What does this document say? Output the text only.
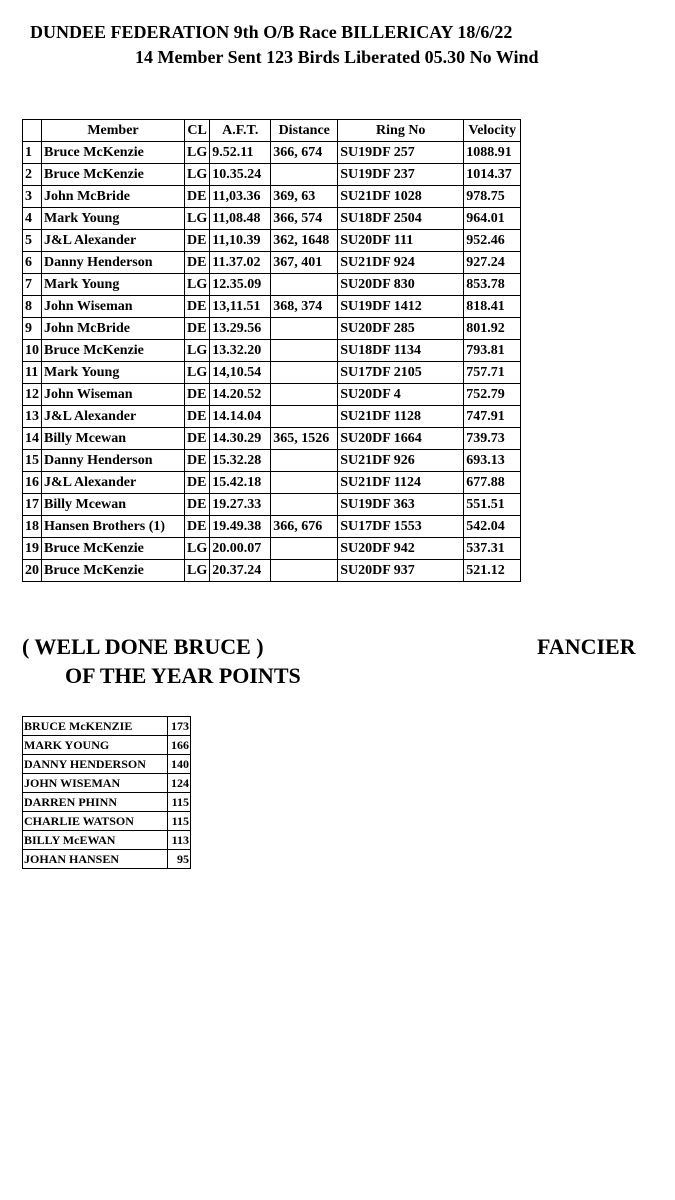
DUNDEE FEDERATION 9th O/B Race BILLERICAY 18/6/22
14 Member Sent 123 Birds Liberated 05.30 No Wind
	Member	CL	A.F.T.	Distance	Ring No	Velocity
1	Bruce McKenzie	LG	9.52.11	366, 674	SU19DF 257	1088.91
2	Bruce McKenzie	LG	10.35.24		SU19DF 237	1014.37
3	John McBride	DE	11,03.36	369, 63	SU21DF 1028	978.75
4	Mark Young	LG	11,08.48	366, 574	SU18DF 2504	964.01
5	J&L Alexander	DE	11,10.39	362, 1648	SU20DF 111	952.46
6	Danny Henderson	DE	11.37.02	367, 401	SU21DF 924	927.24
7	Mark Young	LG	12.35.09		SU20DF 830	853.78
8	John Wiseman	DE	13,11.51	368, 374	SU19DF 1412	818.41
9	John McBride	DE	13.29.56		SU20DF 285	801.92
10	Bruce McKenzie	LG	13.32.20		SU18DF 1134	793.81
11	Mark Young	LG	14,10.54		SU17DF 2105	757.71
12	John Wiseman	DE	14.20.52		SU20DF 4	752.79
13	J&L Alexander	DE	14.14.04		SU21DF 1128	747.91
14	Billy Mcewan	DE	14.30.29	365, 1526	SU20DF 1664	739.73
15	Danny Henderson	DE	15.32.28		SU21DF 926	693.13
16	J&L Alexander	DE	15.42.18		SU21DF 1124	677.88
17	Billy Mcewan	DE	19.27.33		SU19DF 363	551.51
18	Hansen Brothers (1)	DE	19.49.38	366, 676	SU17DF 1553	542.04
19	Bruce McKenzie	LG	20.00.07		SU20DF 942	537.31
20	Bruce McKenzie	LG	20.37.24		SU20DF 937	521.12
( WELL DONE BRUCE )	FANCIER
OF THE YEAR POINTS
BRUCE McKENZIE	173
MARK YOUNG	166
DANNY HENDERSON	140
JOHN WISEMAN	124
DARREN PHINN	115
CHARLIE WATSON	115
BILLY McEWAN	113
JOHAN HANSEN	95
